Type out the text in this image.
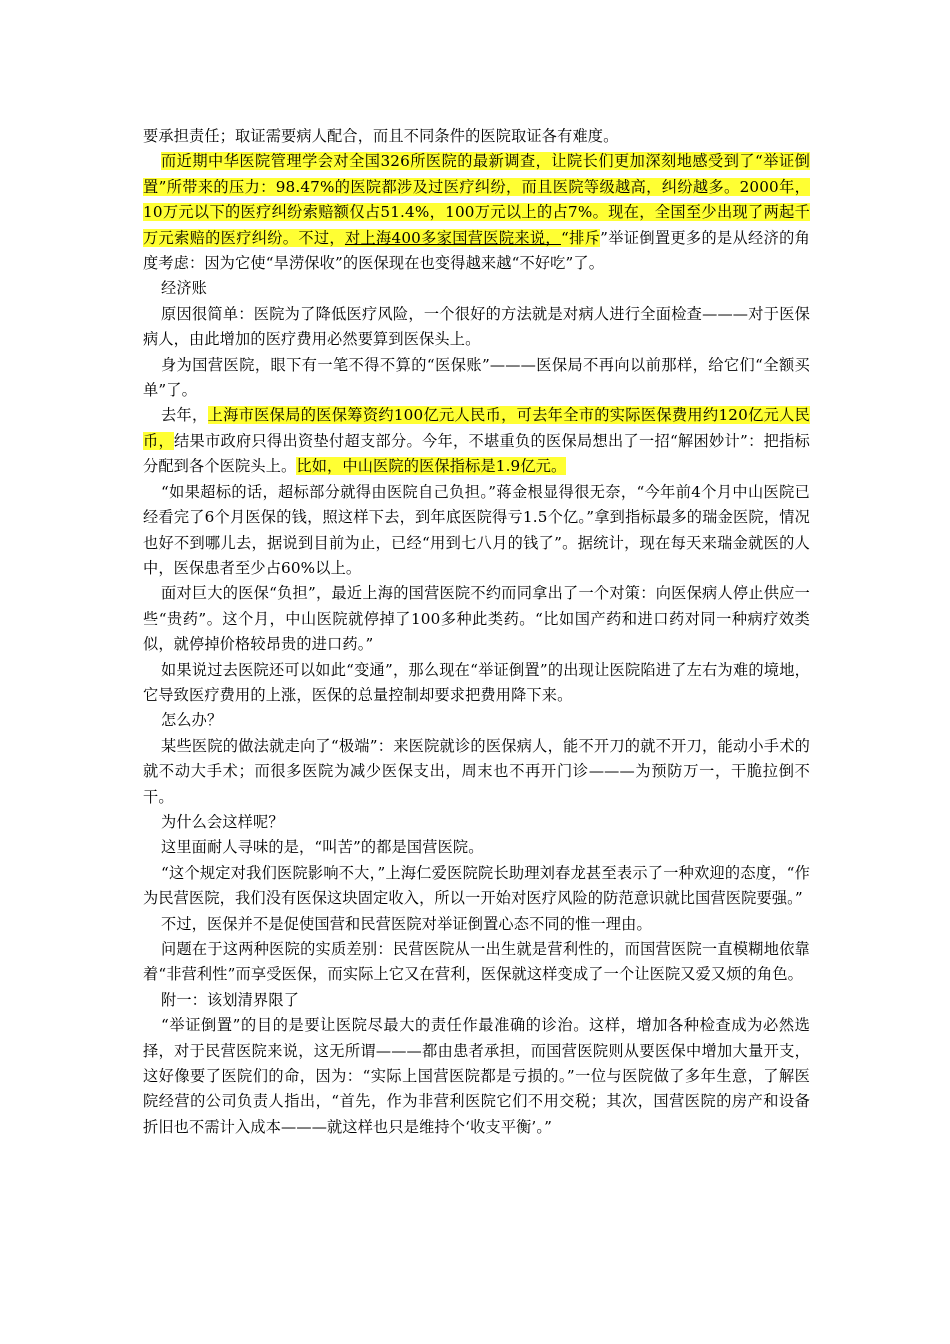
要承担责任；取证需要病人配合，而且不同条件的医院取证各有难度。

而近期中华医院管理学会对全国326所医院的最新调查，让院长们更加深刻地感受到了“举证倒置”所带来的压力：98.47%的医院都涉及过医疗纠纷，而且医院等级越高，纠纷越多。2000年，10万元以下的医疗纠纷索赔额仅占51.4%，100万元以上的占7%。现在，全国至少出现了两起千万元索赔的医疗纠纷。不过，对上海400多家国营医院来说，“排斥”举证倒置更多的是从经济的角度考虑：因为它使“旱涝保收”的医保现在也变得越来越“不好吃”了。

经济账

原因很简单：医院为了降低医疗风险，一个很好的方法就是对病人进行全面检查———对于医保病人，由此增加的医疗费用必然要算到医保头上。

身为国营医院，眼下有一笔不得不算的“医保账”———医保局不再向以前那样，给它们“全额买单”了。

去年，上海市医保局的医保筹资约100亿元人民币，可去年全市的实际医保费用约120亿元人民币，结果市政府只得出资垫付超支部分。今年，不堪重负的医保局想出了一招“解困妙计”：把指标分配到各个医院头上。比如，中山医院的医保指标是1.9亿元。

“如果超标的话，超标部分就得由医院自己负担。”蒋金根显得很无奈，“今年前4个月中山医院已经看完了6个月医保的钱，照这样下去，到年底医院得亏1.5个亿。”拿到指标最多的瑞金医院，情况也好不到哪儿去，据说到目前为止，已经“用到七八月的钱了”。据统计，现在每天来瑞金就医的人中，医保患者至少占60%以上。

面对巨大的医保“负担”，最近上海的国营医院不约而同拿出了一个对策：向医保病人停止供应一些“贵药”。这个月，中山医院就停掉了100多种此类药。“比如国产药和进口药对同一种病疗效类似，就停掉价格较昂贵的进口药。”

如果说过去医院还可以如此“变通”，那么现在“举证倒置”的出现让医院陷进了左右为难的境地，它导致医疗费用的上涨，医保的总量控制却要求把费用降下来。

怎么办？

某些医院的做法就走向了“极端”：来医院就诊的医保病人，能不开刀的就不开刀，能动小手术的就不动大手术；而很多医院为减少医保支出，周末也不再开门诊———为预防万一，干脆拉倒不干。

为什么会这样呢？

这里面耐人寻味的是，“叫苦”的都是国营医院。

“这个规定对我们医院影响不大，”上海仁爱医院院长助理刘春龙甚至表示了一种欢迎的态度，“作为民营医院，我们没有医保这块固定收入，所以一开始对医疗风险的防范意识就比国营医院要强。”

不过，医保并不是促使国营和民营医院对举证倒置心态不同的惟一理由。

问题在于这两种医院的实质差别：民营医院从一出生就是营利性的，而国营医院一直模糊地依靠着“非营利性”而享受医保，而实际上它又在营利，医保就这样变成了一个让医院又爱又烦的角色。

附一：该划清界限了

“举证倒置”的目的是要让医院尽最大的责任作最准确的诊治。这样，增加各种检查成为必然选择，对于民营医院来说，这无所谓———都由患者承担，而国营医院则从要医保中增加大量开支，这好像要了医院们的命，因为：“实际上国营医院都是亏损的。”一位与医院做了多年生意，了解医院经营的公司负责人指出，“首先，作为非营利医院它们不用交税；其次，国营医院的房产和设备折旧也不需计入成本———就这样也只是维持个‘收支平衡’。”
